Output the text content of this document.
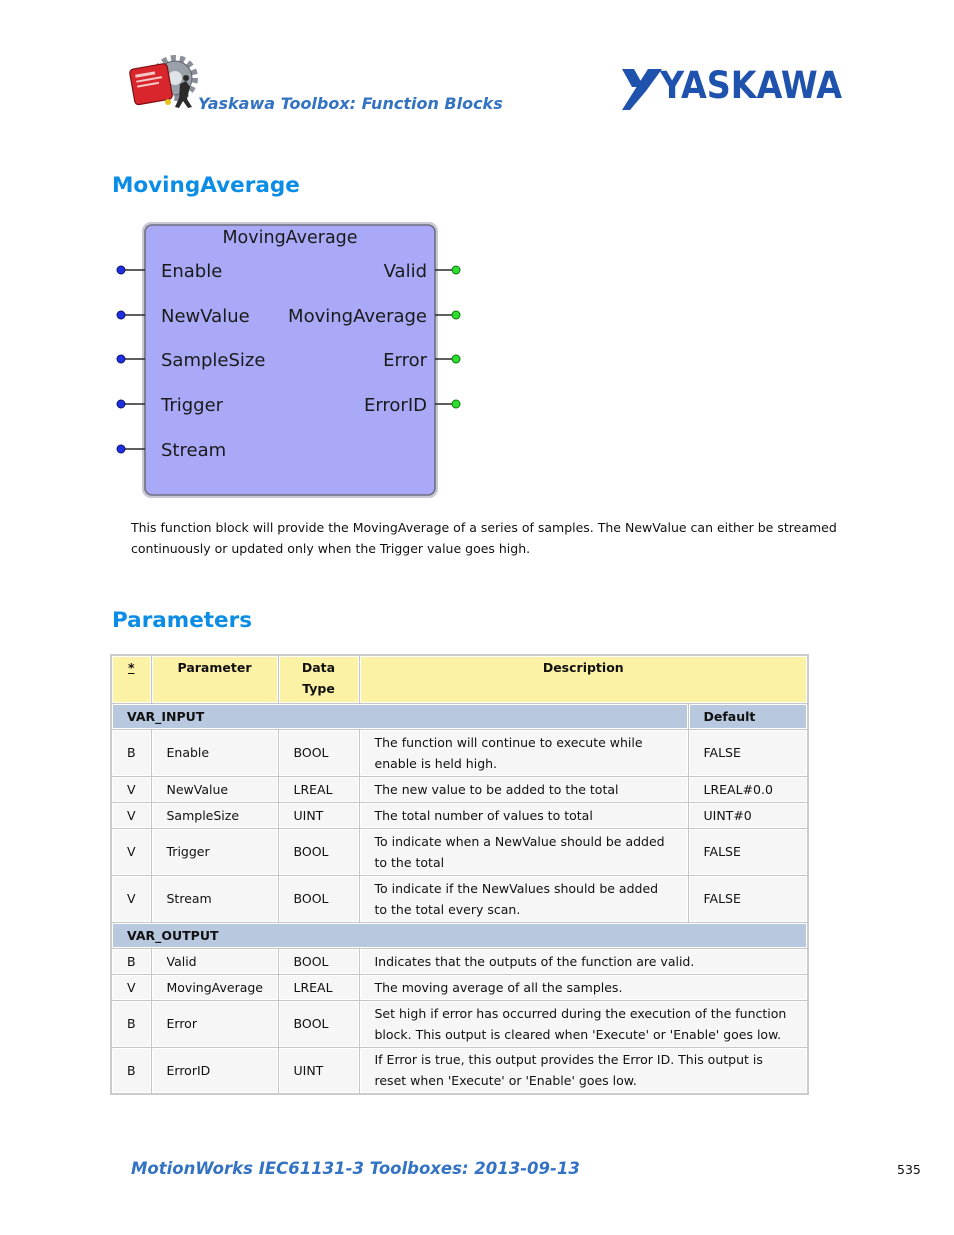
Yaskawa Toolbox: Function Blocks	YASKAWA
MovingAverage
MovingAverage
Enable
NewValue
SampleSize
Trigger
Stream
Valid
MovingAverage
Error
ErrorID

This function block will provide the MovingAverage of a series of samples. The NewValue can either be streamed
continuously or updated only when the Trigger value goes high.

Parameters
*	Parameter	Data Type	Description	
VAR_INPUT				Default
B	Enable	BOOL	The function will continue to execute while
enable is held high.	FALSE
V	NewValue	LREAL	The new value to be added to the total	LREAL#0.0
V	SampleSize	UINT	The total number of values to total	UINT#0
V	Trigger	BOOL	To indicate when a NewValue should be added
to the total	FALSE
V	Stream	BOOL	To indicate if the NewValues should be added
to the total every scan.	FALSE
VAR_OUTPUT				
B	Valid	BOOL	Indicates that the outputs of the function are valid.	
V	MovingAverage	LREAL	The moving average of all the samples.	
B	Error	BOOL	Set high if error has occurred during the execution of the function
block. This output is cleared when 'Execute' or 'Enable' goes low.	
B	ErrorID	UINT	If Error is true, this output provides the Error ID. This output is
reset when 'Execute' or 'Enable' goes low.	
MotionWorks IEC61131-3 Toolboxes: 2013-09-13	535
